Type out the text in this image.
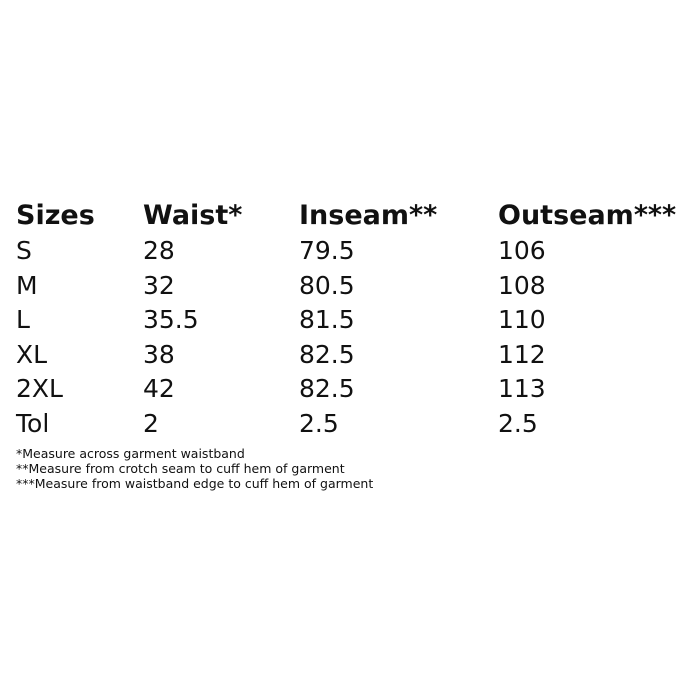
Sizes	Waist*	Inseam**	Outseam***
S	28	79.5	106
M	32	80.5	108
L	35.5	81.5	110
XL	38	82.5	112
2XL	42	82.5	113
Tol	2	2.5	2.5
*Measure across garment waistband
**Measure from crotch seam to cuff hem of garment
***Measure from waistband edge to cuff hem of garment
